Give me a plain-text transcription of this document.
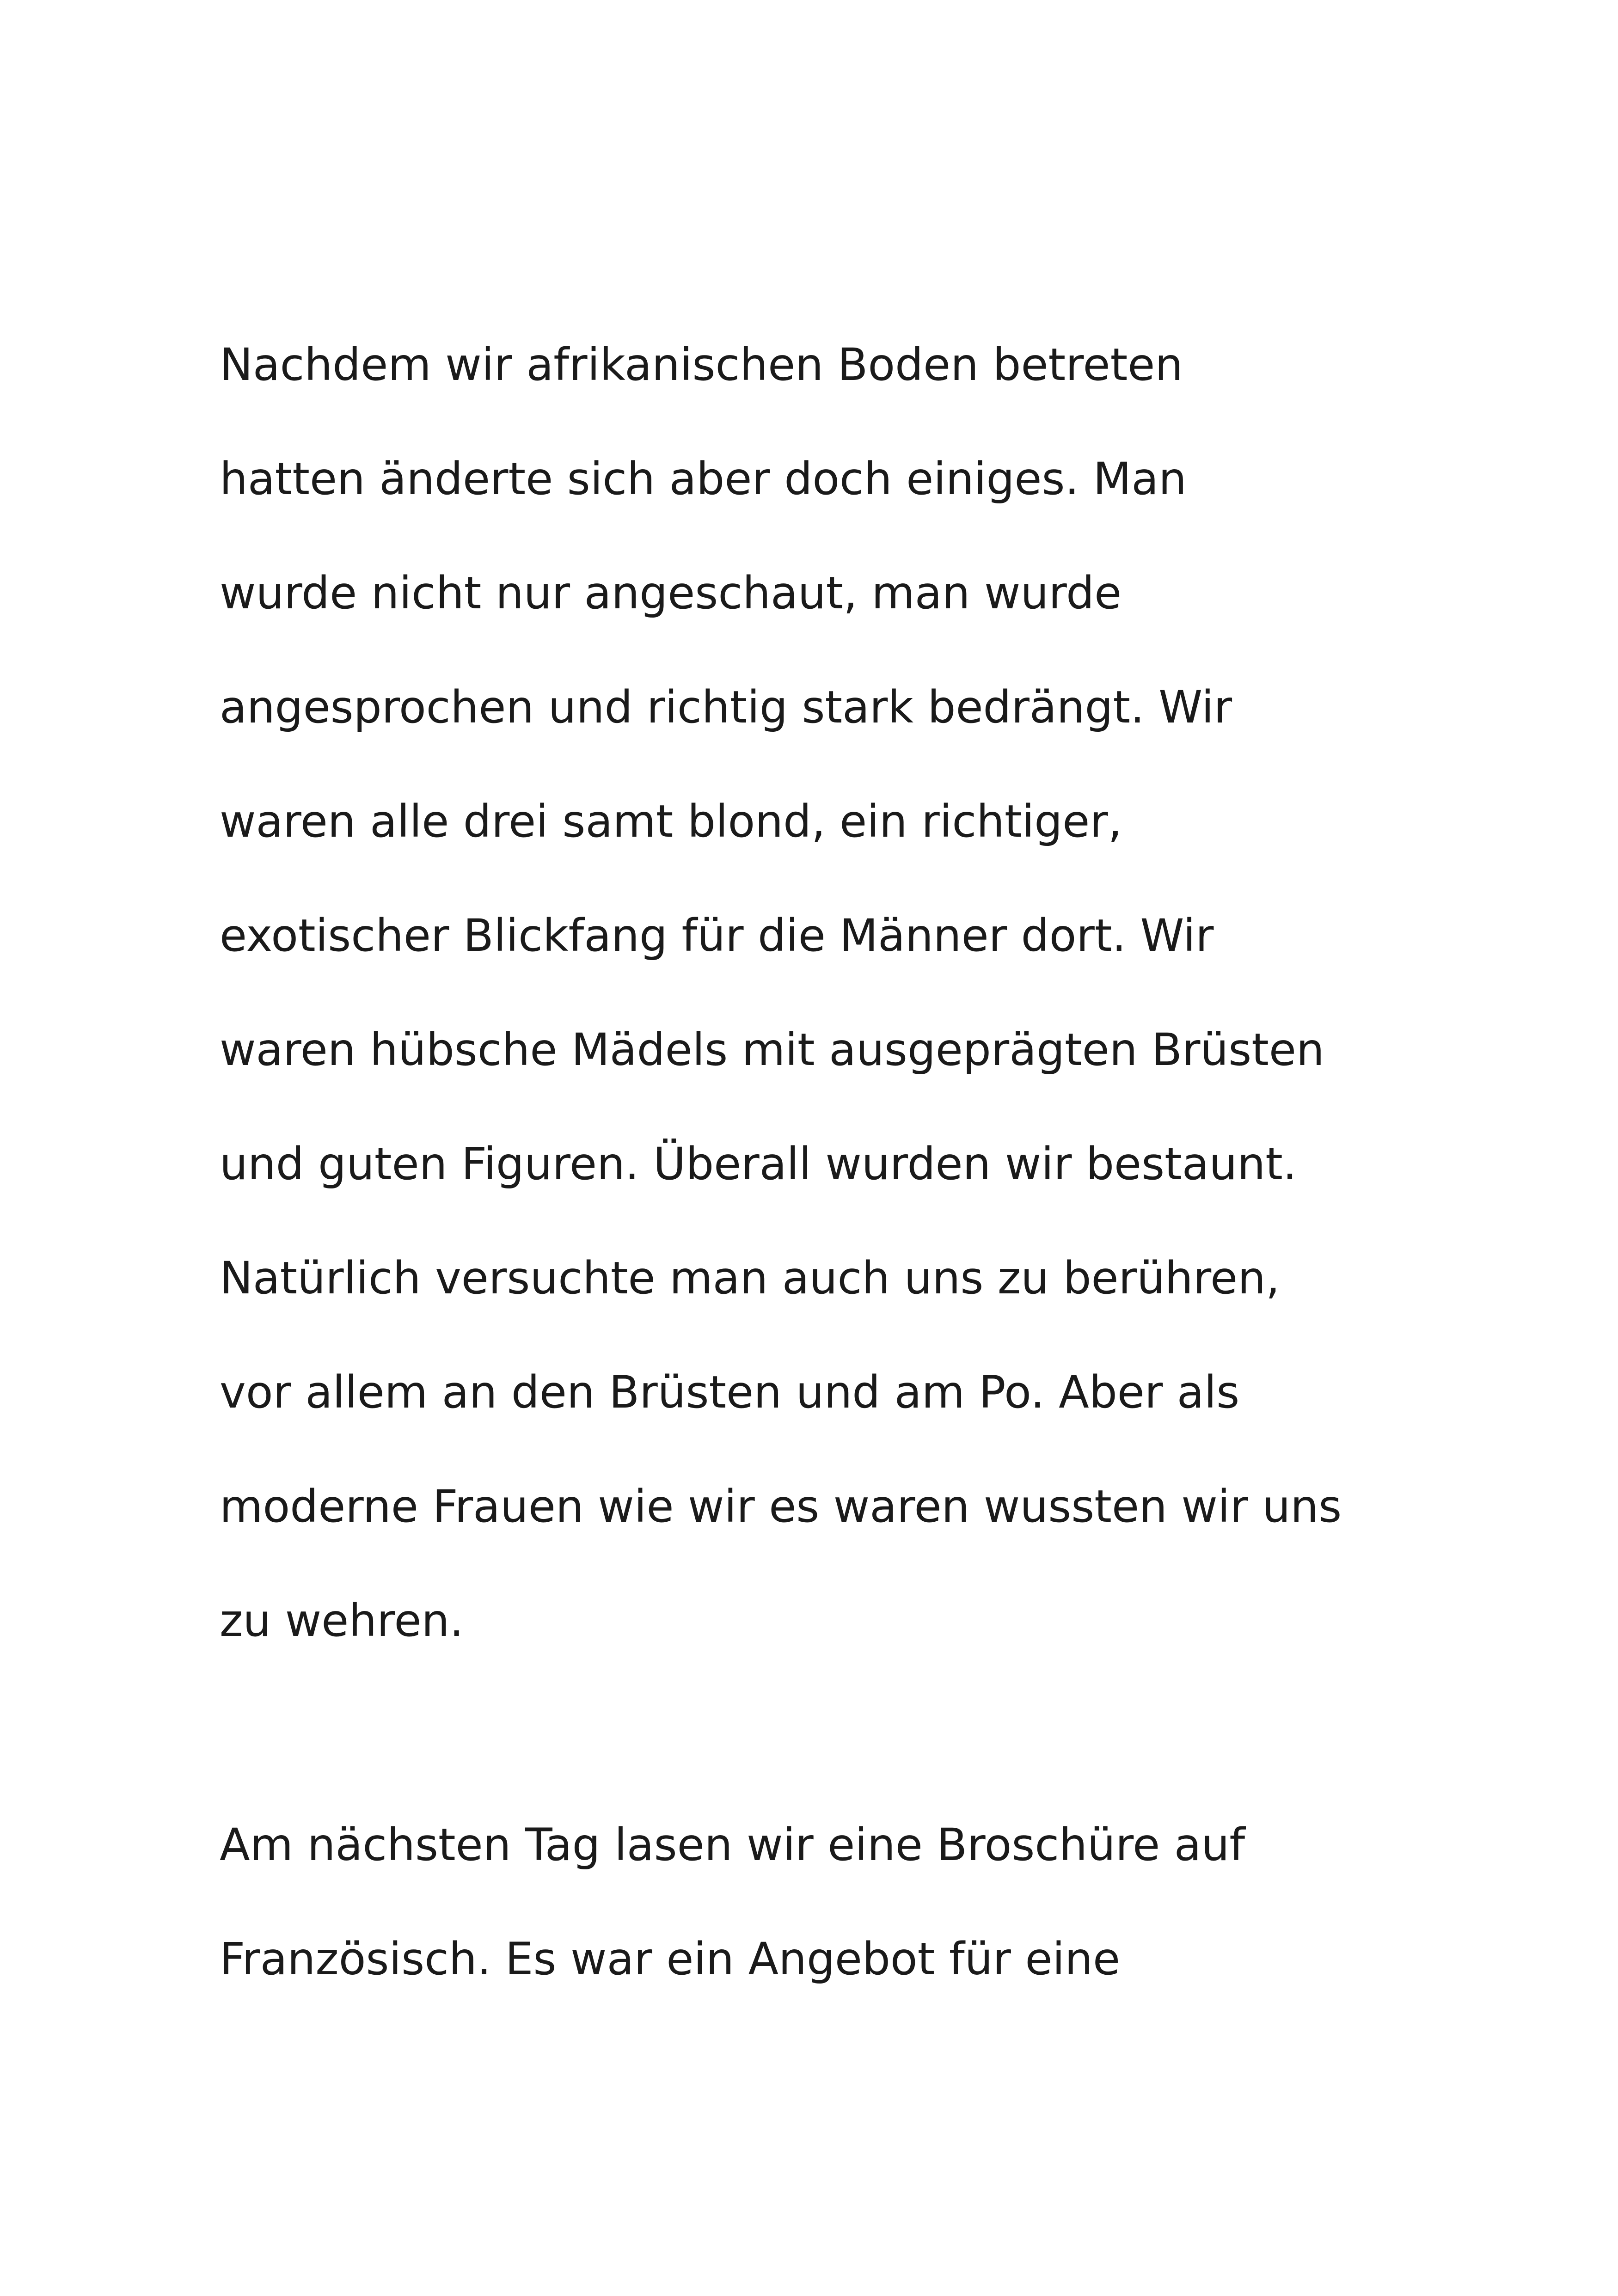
Nachdem wir afrikanischen Boden betreten
hatten änderte sich aber doch einiges. Man
wurde nicht nur angeschaut, man wurde
angesprochen und richtig stark bedrängt. Wir
waren alle drei samt blond, ein richtiger,
exotischer Blickfang für die Männer dort. Wir
waren hübsche Mädels mit ausgeprägten Brüsten
und guten Figuren. Überall wurden wir bestaunt.
Natürlich versuchte man auch uns zu berühren,
vor allem an den Brüsten und am Po. Aber als
moderne Frauen wie wir es waren wussten wir uns
zu wehren.

Am nächsten Tag lasen wir eine Broschüre auf
Französisch. Es war ein Angebot für eine
